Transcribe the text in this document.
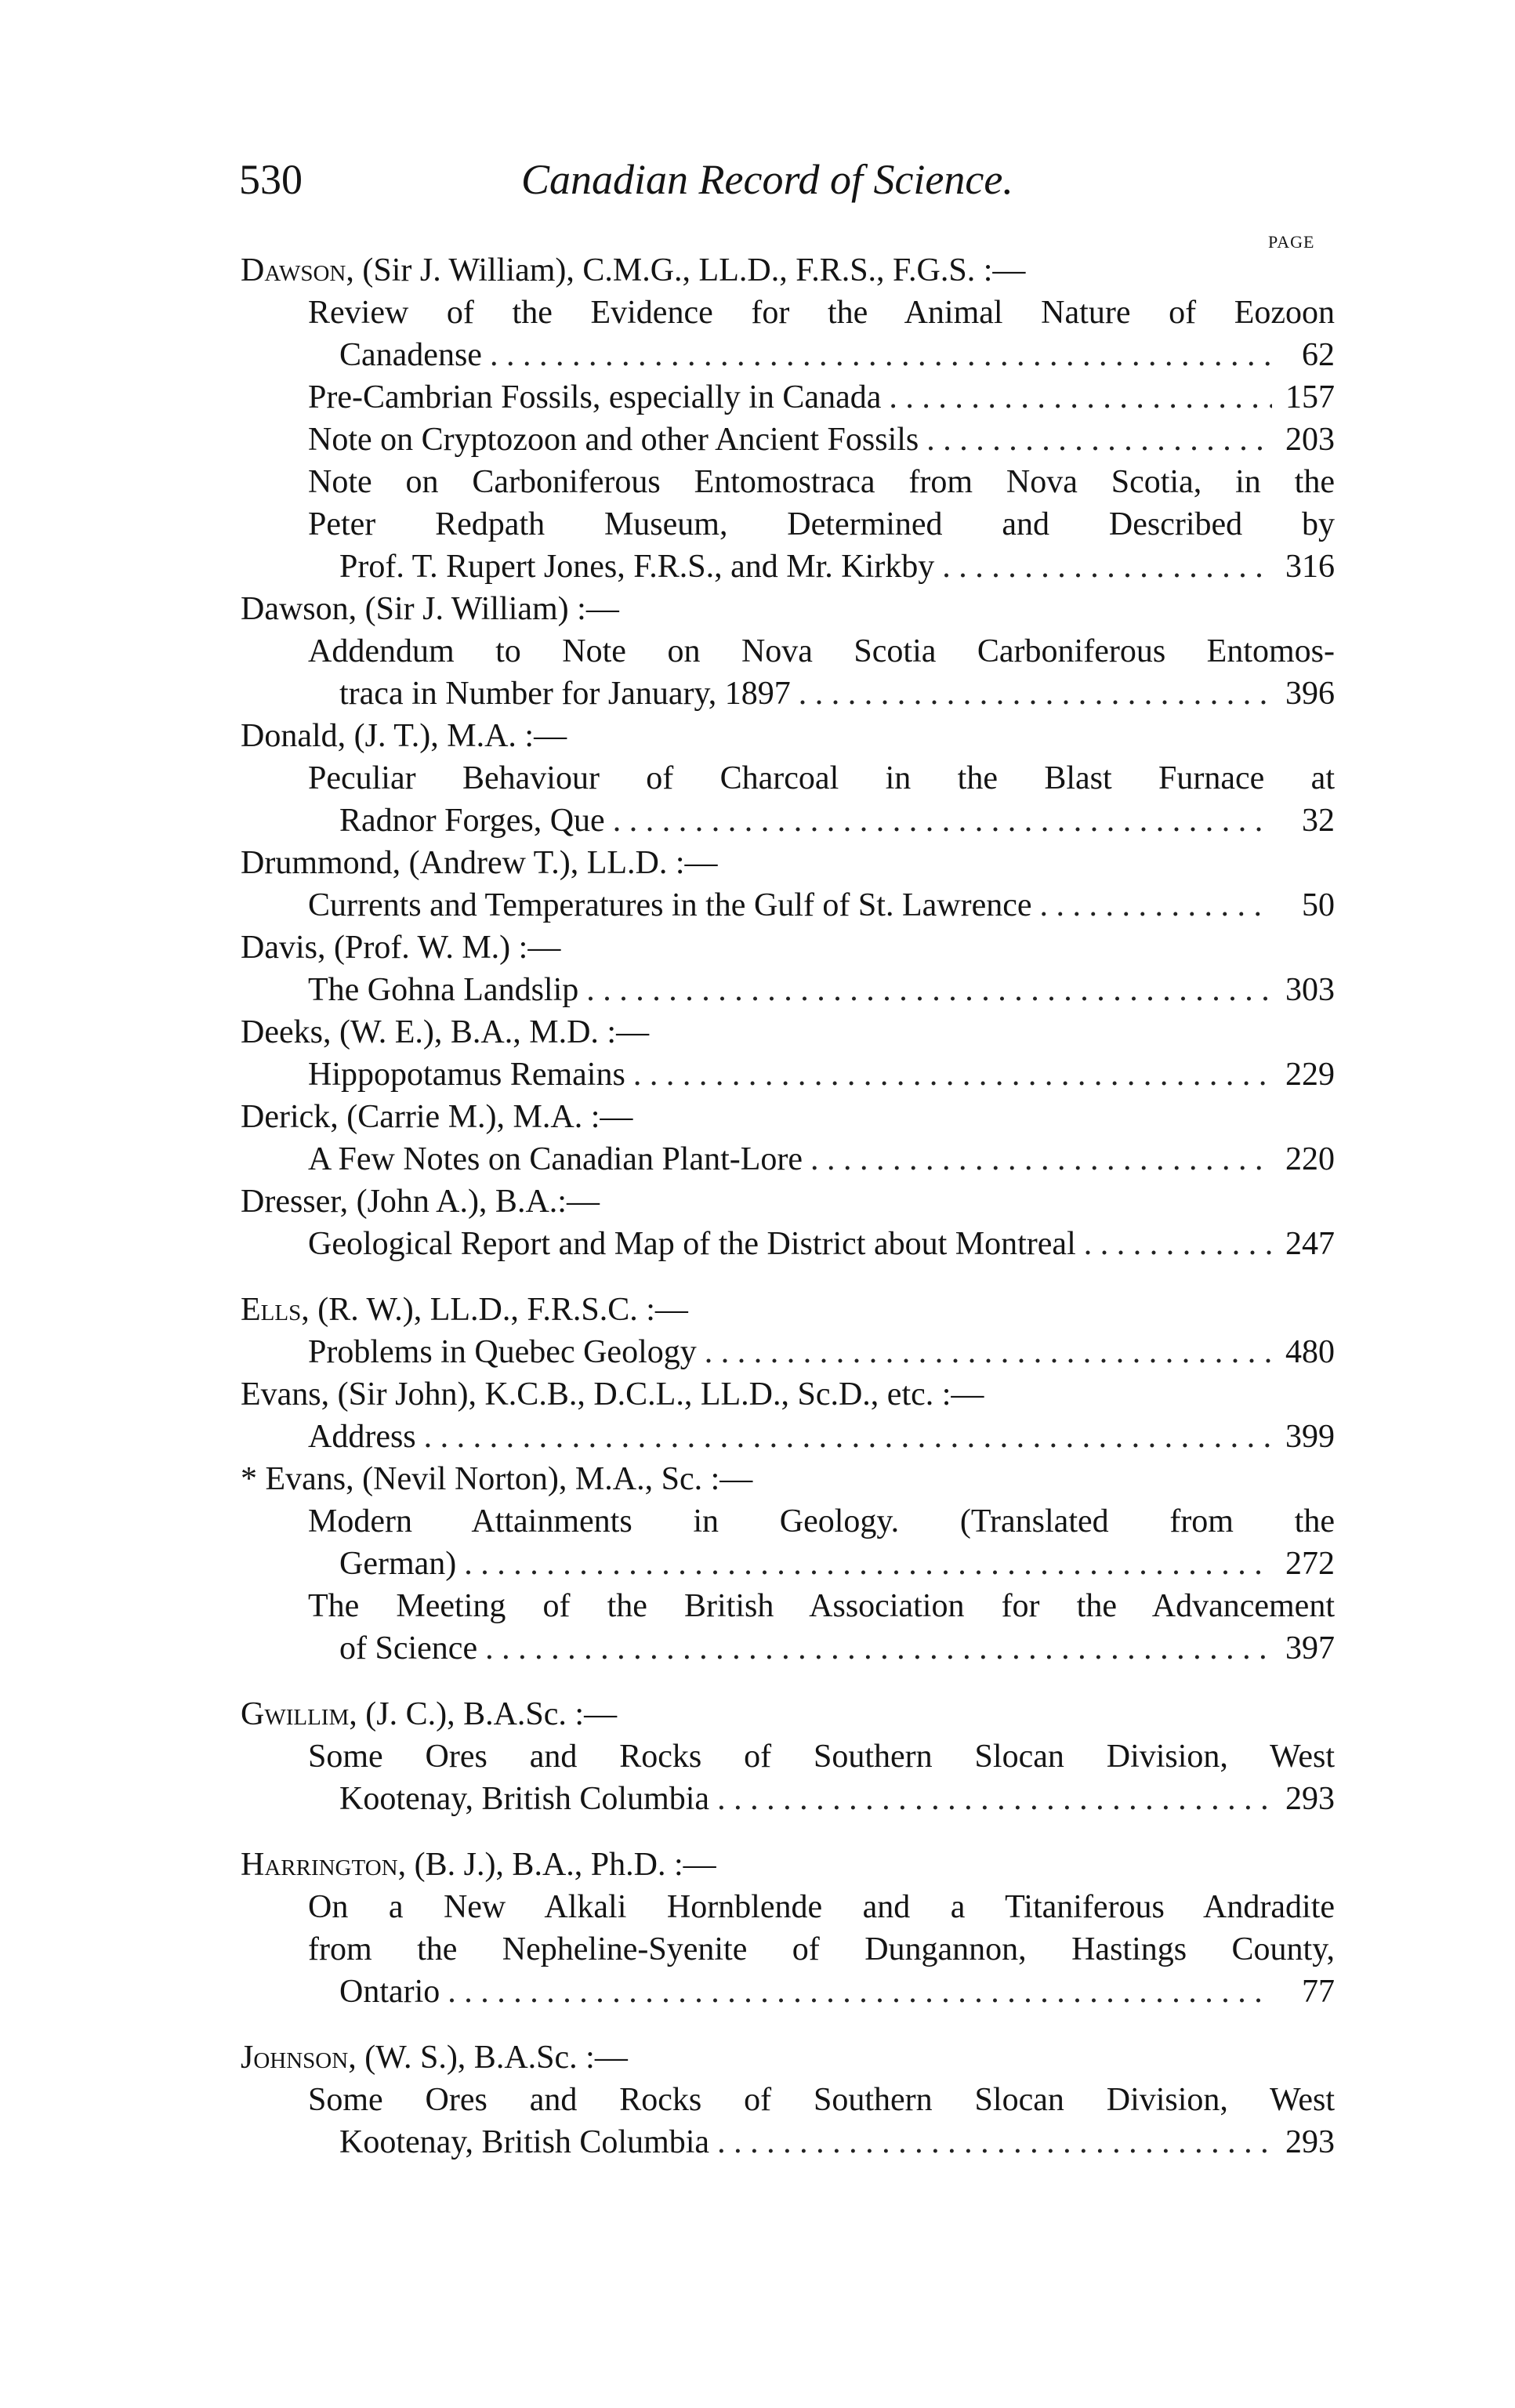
530	Canadian Record of Science.
PAGE
Dawson, (Sir J. William), C.M.G., LL.D., F.R.S., F.G.S. :—
Review of the Evidence for the Animal Nature of Eozoon
Canadense . . .	62
Pre-Cambrian Fossils, especially in Canada . . .	157
Note on Cryptozoon and other Ancient Fossils . . .	203
Note on Carboniferous Entomostraca from Nova Scotia, in the
Peter Redpath Museum, Determined and Described by
Prof. T. Rupert Jones, F.R.S., and Mr. Kirkby . . .	316
Dawson, (Sir J. William) :—
Addendum to Note on Nova Scotia Carboniferous Entomos-
traca in Number for January, 1897 . . .	396
Donald, (J. T.), M.A. :—
Peculiar Behaviour of Charcoal in the Blast Furnace at
Radnor Forges, Que . . .	32
Drummond, (Andrew T.), LL.D. :—
Currents and Temperatures in the Gulf of St. Lawrence . . .	50
Davis, (Prof. W. M.) :—
The Gohna Landslip . . .	303
Deeks, (W. E.), B.A., M.D. :—
Hippopotamus Remains . . .	229
Derick, (Carrie M.), M.A. :—
A Few Notes on Canadian Plant-Lore . . .	220
Dresser, (John A.), B.A.:—
Geological Report and Map of the District about Montreal . . .	247
Ells, (R. W.), LL.D., F.R.S.C. :—
Problems in Quebec Geology . . .	480
Evans, (Sir John), K.C.B., D.C.L., LL.D., Sc.D., etc. :—
Address . . .	399
* Evans, (Nevil Norton), M.A., Sc. :—
Modern Attainments in Geology. (Translated from the
German) . . .	272
The Meeting of the British Association for the Advancement
of Science . . .	397
Gwillim, (J. C.), B.A.Sc. :—
Some Ores and Rocks of Southern Slocan Division, West
Kootenay, British Columbia . . .	293
Harrington, (B. J.), B.A., Ph.D. :—
On a New Alkali Hornblende and a Titaniferous Andradite
from the Nepheline-Syenite of Dungannon, Hastings County,
Ontario . . .	77
Johnson, (W. S.), B.A.Sc. :—
Some Ores and Rocks of Southern Slocan Division, West
Kootenay, British Columbia . . .	293
